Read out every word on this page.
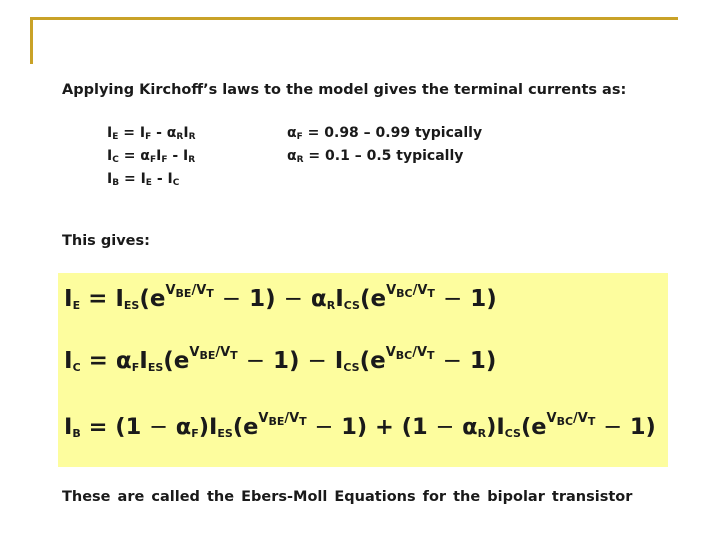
Applying Kirchoff’s laws to the model gives the terminal currents as:
$I_E = I_F - \alpha_RI_R$
$I_C = \alpha_FI_F - I_R$
$I_B = I_E - I_C$
$\alpha_F = 0.98 - 0.99$ typically
$\alpha_R = 0.1 - 0.5$ typically
This gives:
$I_E = I_{ES}(e^{V_{BE}/V_T} - 1) - \alpha_RI_{CS}(e^{V_{BC}/V_T} - 1)$
$I_C = \alpha_FI_{ES}(e^{V_{BE}/V_T} - 1) - I_{CS}(e^{V_{BC}/V_T} - 1)$
$I_B = (1 - \alpha_F)I_{ES}(e^{V_{BE}/V_T} - 1) + (1 - \alpha_R)I_{CS}(e^{V_{BC}/V_T} - 1)$
These are called the Ebers-Moll Equations for the bipolar transistor
